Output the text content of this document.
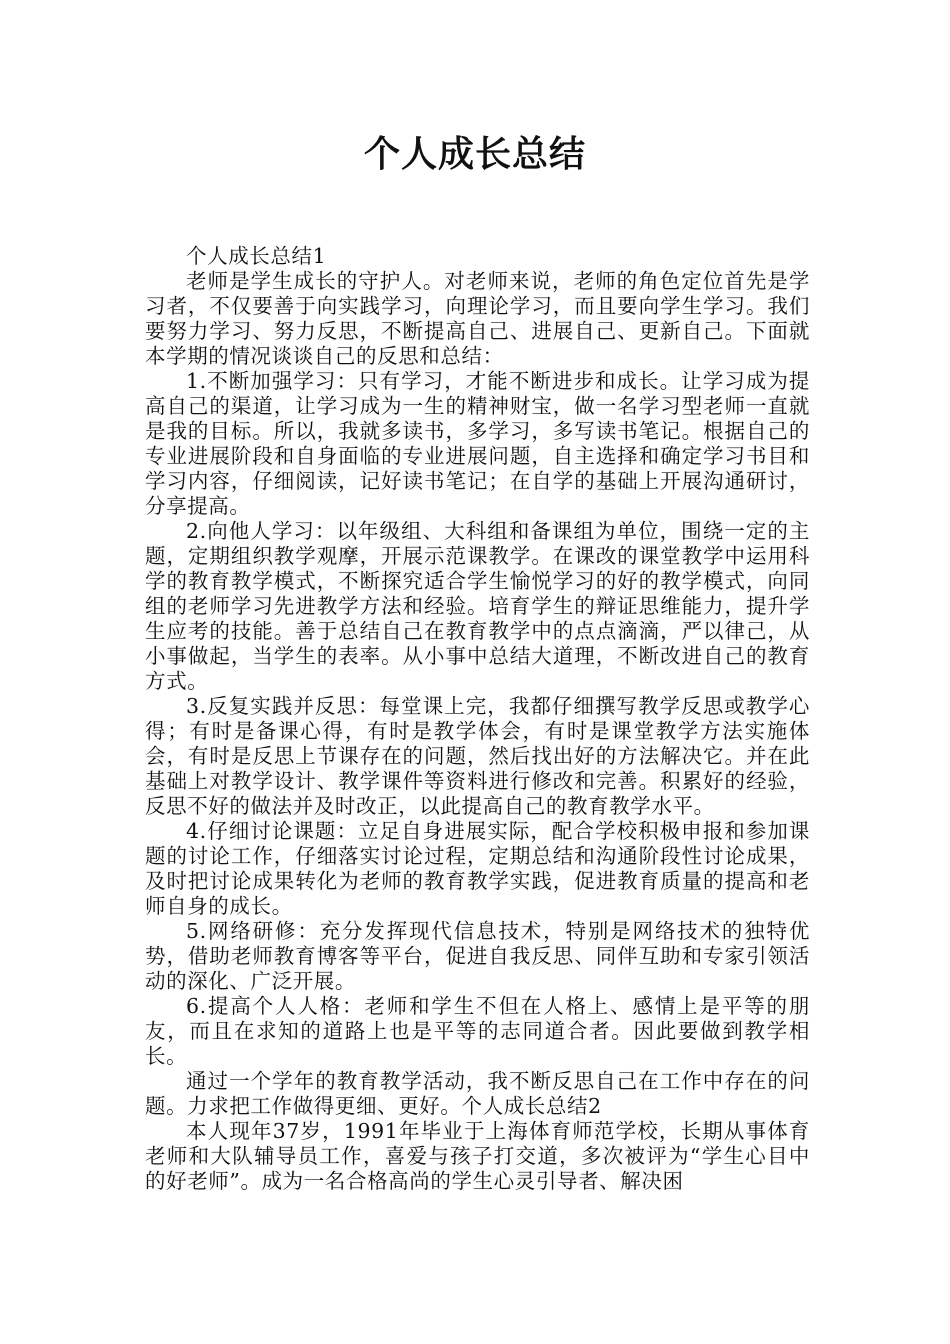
个人成长总结

个人成长总结1

老师是学生成长的守护人。对老师来说，老师的角色定位首先是学习者，不仅要善于向实践学习，向理论学习，而且要向学生学习。我们要努力学习、努力反思，不断提高自己、进展自己、更新自己。下面就本学期的情况谈谈自己的反思和总结：

1.不断加强学习：只有学习，才能不断进步和成长。让学习成为提高自己的渠道，让学习成为一生的精神财宝，做一名学习型老师一直就是我的目标。所以，我就多读书，多学习，多写读书笔记。根据自己的专业进展阶段和自身面临的专业进展问题，自主选择和确定学习书目和学习内容，仔细阅读，记好读书笔记；在自学的基础上开展沟通研讨，分享提高。

2.向他人学习：以年级组、大科组和备课组为单位，围绕一定的主题，定期组织教学观摩，开展示范课教学。在课改的课堂教学中运用科学的教育教学模式，不断探究适合学生愉悦学习的好的教学模式，向同组的老师学习先进教学方法和经验。培育学生的辩证思维能力，提升学生应考的技能。善于总结自己在教育教学中的点点滴滴，严以律己，从小事做起，当学生的表率。从小事中总结大道理，不断改进自己的教育方式。

3.反复实践并反思：每堂课上完，我都仔细撰写教学反思或教学心得；有时是备课心得，有时是教学体会，有时是课堂教学方法实施体会，有时是反思上节课存在的问题，然后找出好的方法解决它。并在此基础上对教学设计、教学课件等资料进行修改和完善。积累好的经验，反思不好的做法并及时改正，以此提高自己的教育教学水平。

4.仔细讨论课题：立足自身进展实际，配合学校积极申报和参加课题的讨论工作，仔细落实讨论过程，定期总结和沟通阶段性讨论成果，及时把讨论成果转化为老师的教育教学实践，促进教育质量的提高和老师自身的成长。

5.网络研修：充分发挥现代信息技术，特别是网络技术的独特优势，借助老师教育博客等平台，促进自我反思、同伴互助和专家引领活动的深化、广泛开展。

6.提高个人人格：老师和学生不但在人格上、感情上是平等的朋友，而且在求知的道路上也是平等的志同道合者。因此要做到教学相长。

通过一个学年的教育教学活动，我不断反思自己在工作中存在的问题。力求把工作做得更细、更好。个人成长总结2

本人现年37岁，1991年毕业于上海体育师范学校，长期从事体育老师和大队辅导员工作，喜爱与孩子打交道，多次被评为“学生心目中的好老师”。成为一名合格高尚的学生心灵引导者、解决困
